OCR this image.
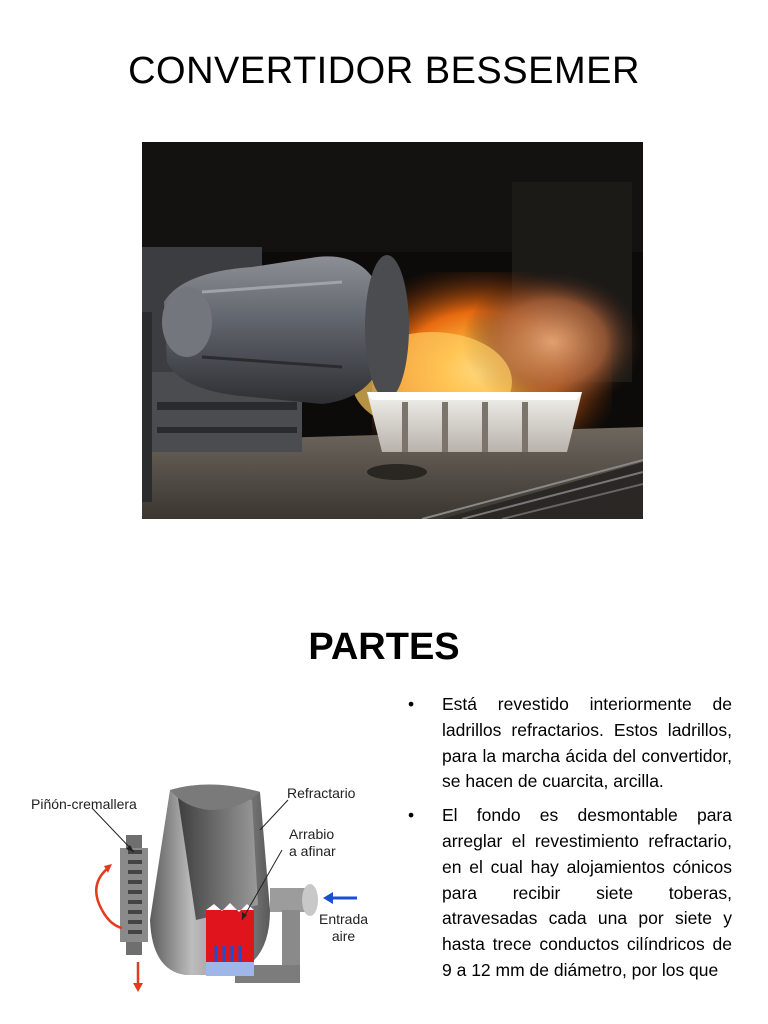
CONVERTIDOR BESSEMER
PARTES
Piñón-cremallera
Refractario
Arrabio
a afinar
Entrada
aire
• Está revestido interiormente de ladrillos refractarios. Estos ladrillos, para la marcha ácida del convertidor, se hacen de cuarcita, arcilla.
• El fondo es desmontable para arreglar el revestimiento refractario, en el cual hay alojamientos cónicos para recibir siete toberas, atravesadas cada una por siete y hasta trece conductos cilíndricos de 9 a 12 mm de diámetro, por los que
